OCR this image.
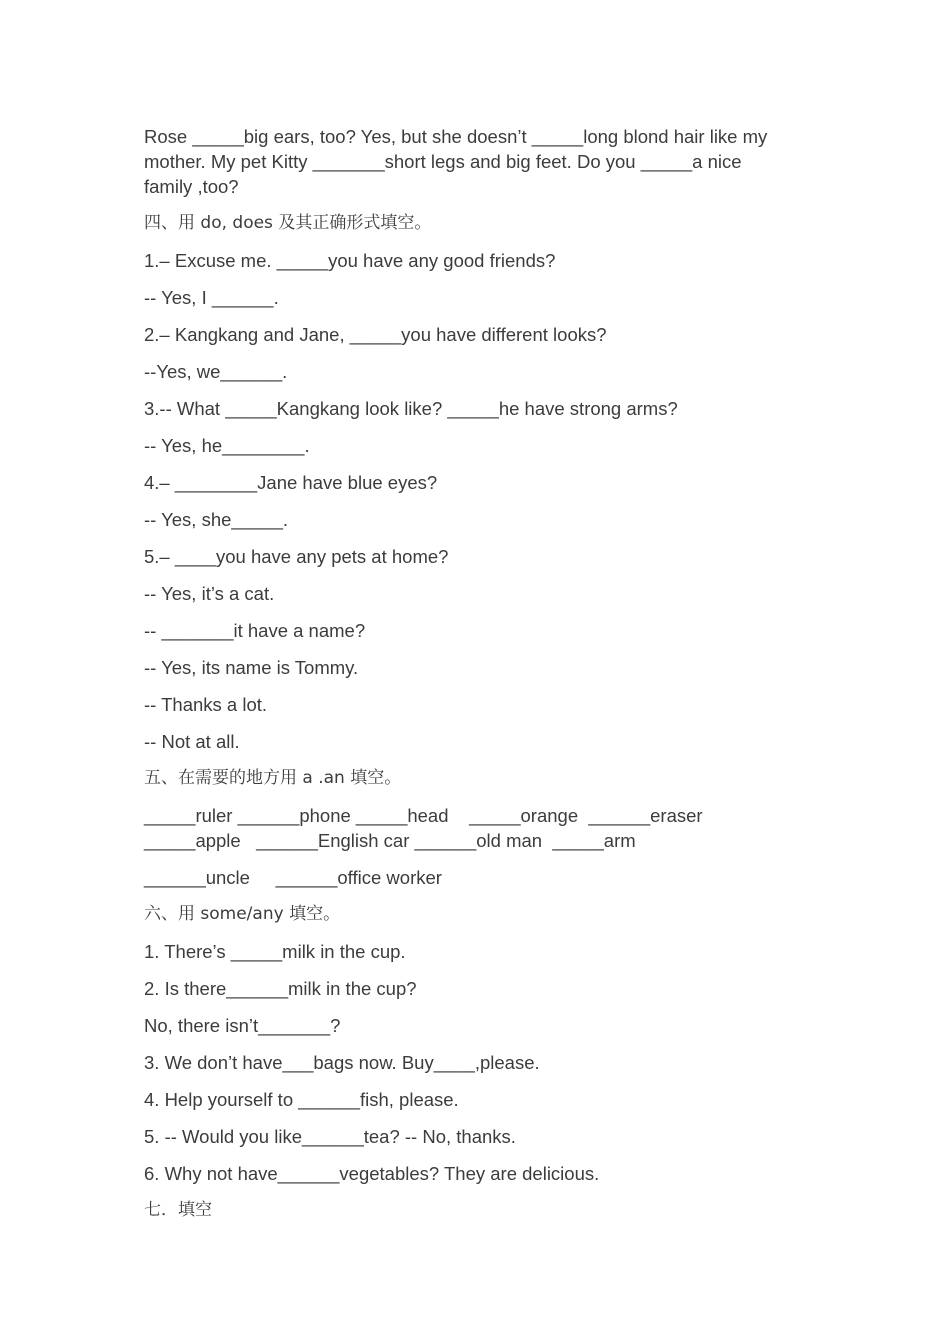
Rose _____big ears, too? Yes, but she doesn’t _____long blond hair like my

mother. My pet Kitty _______short legs and big feet. Do you _____a nice

family ,too?

四、用 do, does 及其正确形式填空。

1.– Excuse me. _____you have any good friends?

-- Yes, I ______.

2.– Kangkang and Jane, _____you have different looks?

--Yes, we______.

3.-- What _____Kangkang look like? _____he have strong arms?

-- Yes, he________.

4.– ________Jane have blue eyes?

-- Yes, she_____.

5.– ____you have any pets at home?

-- Yes, it’s a cat.

-- _______it have a name?

-- Yes, its name is Tommy.

-- Thanks a lot.

-- Not at all.

五、在需要的地方用 a .an 填空。

_____ruler ______phone _____head    _____orange  ______eraser

_____apple   ______English car ______old man  _____arm

______uncle     ______office worker

六、用 some/any 填空。

1. There’s _____milk in the cup.

2. Is there______milk in the cup?

No, there isn’t_______?

3. We don’t have___bags now. Buy____,please.

4. Help yourself to ______fish, please.

5. -- Would you like______tea? -- No, thanks.

6. Why not have______vegetables? They are delicious.

七．填空
